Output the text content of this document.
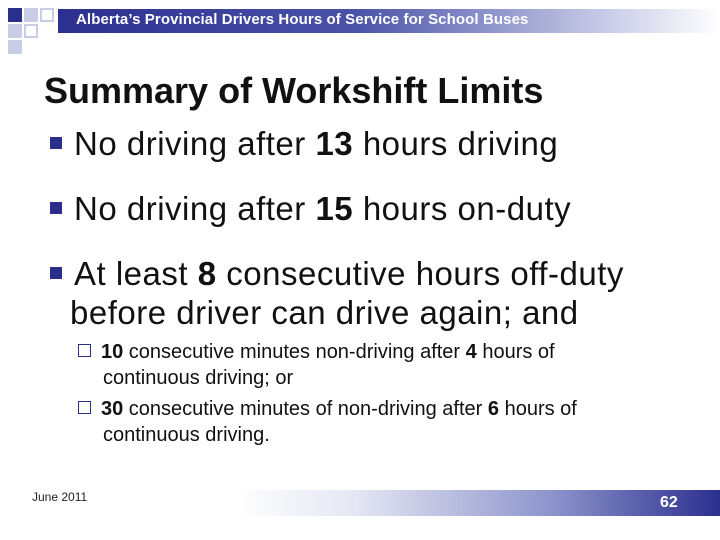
Alberta’s Provincial Drivers Hours of Service for School Buses
Summary of Workshift Limits
No driving after 13 hours driving
No driving after 15 hours on-duty
At least 8 consecutive hours off-duty
before driver can drive again; and
10 consecutive minutes non-driving after 4 hours of
continuous driving; or
30 consecutive minutes of non-driving after 6 hours of
continuous driving.
June 2011	62
